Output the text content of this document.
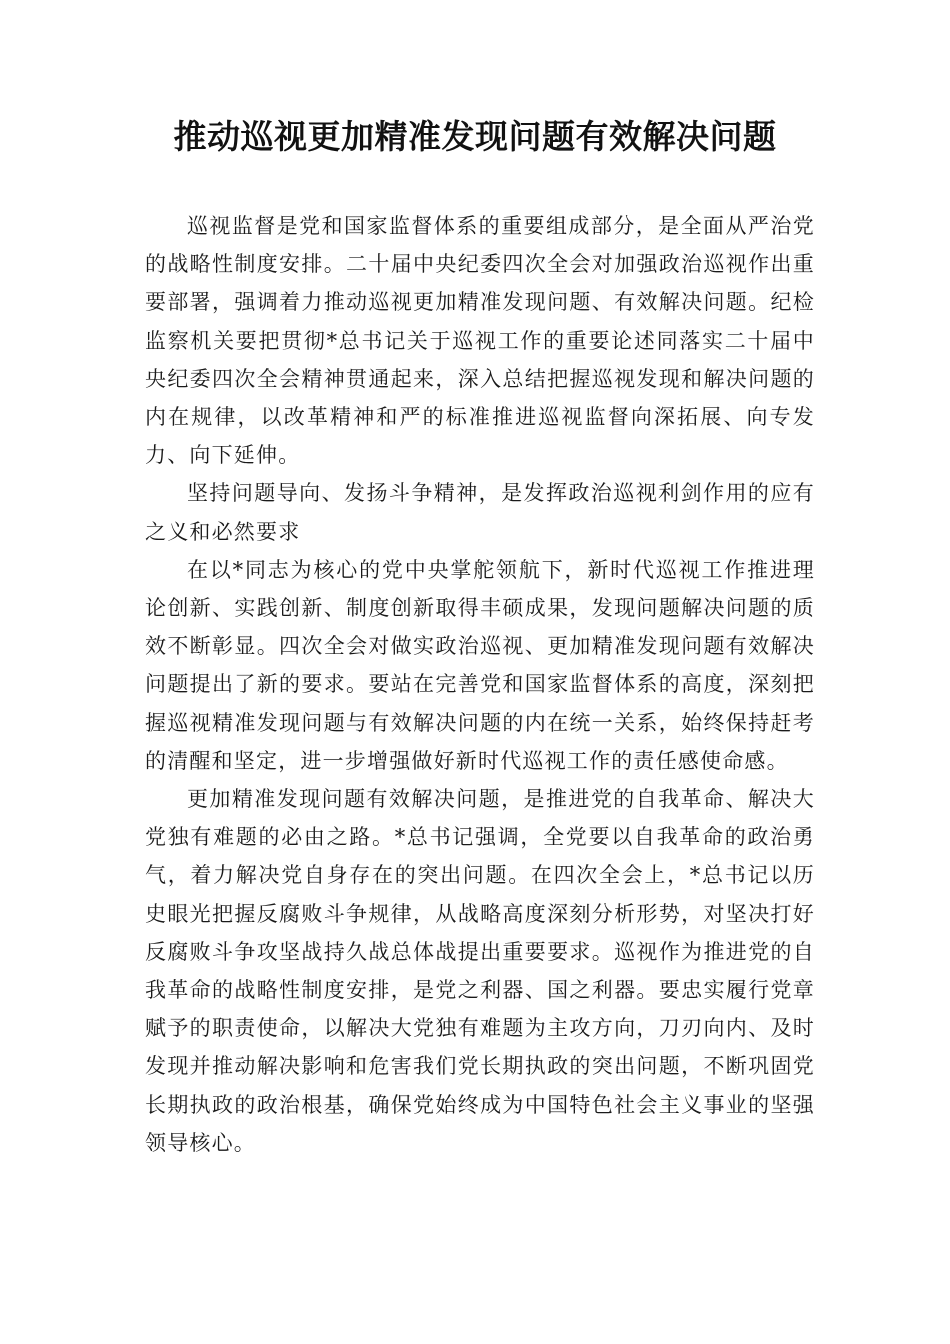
推动巡视更加精准发现问题有效解决问题

巡视监督是党和国家监督体系的重要组成部分，是全面从严治党的战略性制度安排。二十届中央纪委四次全会对加强政治巡视作出重要部署，强调着力推动巡视更加精准发现问题、有效解决问题。纪检监察机关要把贯彻*总书记关于巡视工作的重要论述同落实二十届中央纪委四次全会精神贯通起来，深入总结把握巡视发现和解决问题的内在规律，以改革精神和严的标准推进巡视监督向深拓展、向专发力、向下延伸。

坚持问题导向、发扬斗争精神，是发挥政治巡视利剑作用的应有之义和必然要求

在以*同志为核心的党中央掌舵领航下，新时代巡视工作推进理论创新、实践创新、制度创新取得丰硕成果，发现问题解决问题的质效不断彰显。四次全会对做实政治巡视、更加精准发现问题有效解决问题提出了新的要求。要站在完善党和国家监督体系的高度，深刻把握巡视精准发现问题与有效解决问题的内在统一关系，始终保持赶考的清醒和坚定，进一步增强做好新时代巡视工作的责任感使命感。

更加精准发现问题有效解决问题，是推进党的自我革命、解决大党独有难题的必由之路。*总书记强调，全党要以自我革命的政治勇气，着力解决党自身存在的突出问题。在四次全会上，*总书记以历史眼光把握反腐败斗争规律，从战略高度深刻分析形势，对坚决打好反腐败斗争攻坚战持久战总体战提出重要要求。巡视作为推进党的自我革命的战略性制度安排，是党之利器、国之利器。要忠实履行党章赋予的职责使命，以解决大党独有难题为主攻方向，刀刃向内、及时发现并推动解决影响和危害我们党长期执政的突出问题，不断巩固党长期执政的政治根基，确保党始终成为中国特色社会主义事业的坚强领导核心。
